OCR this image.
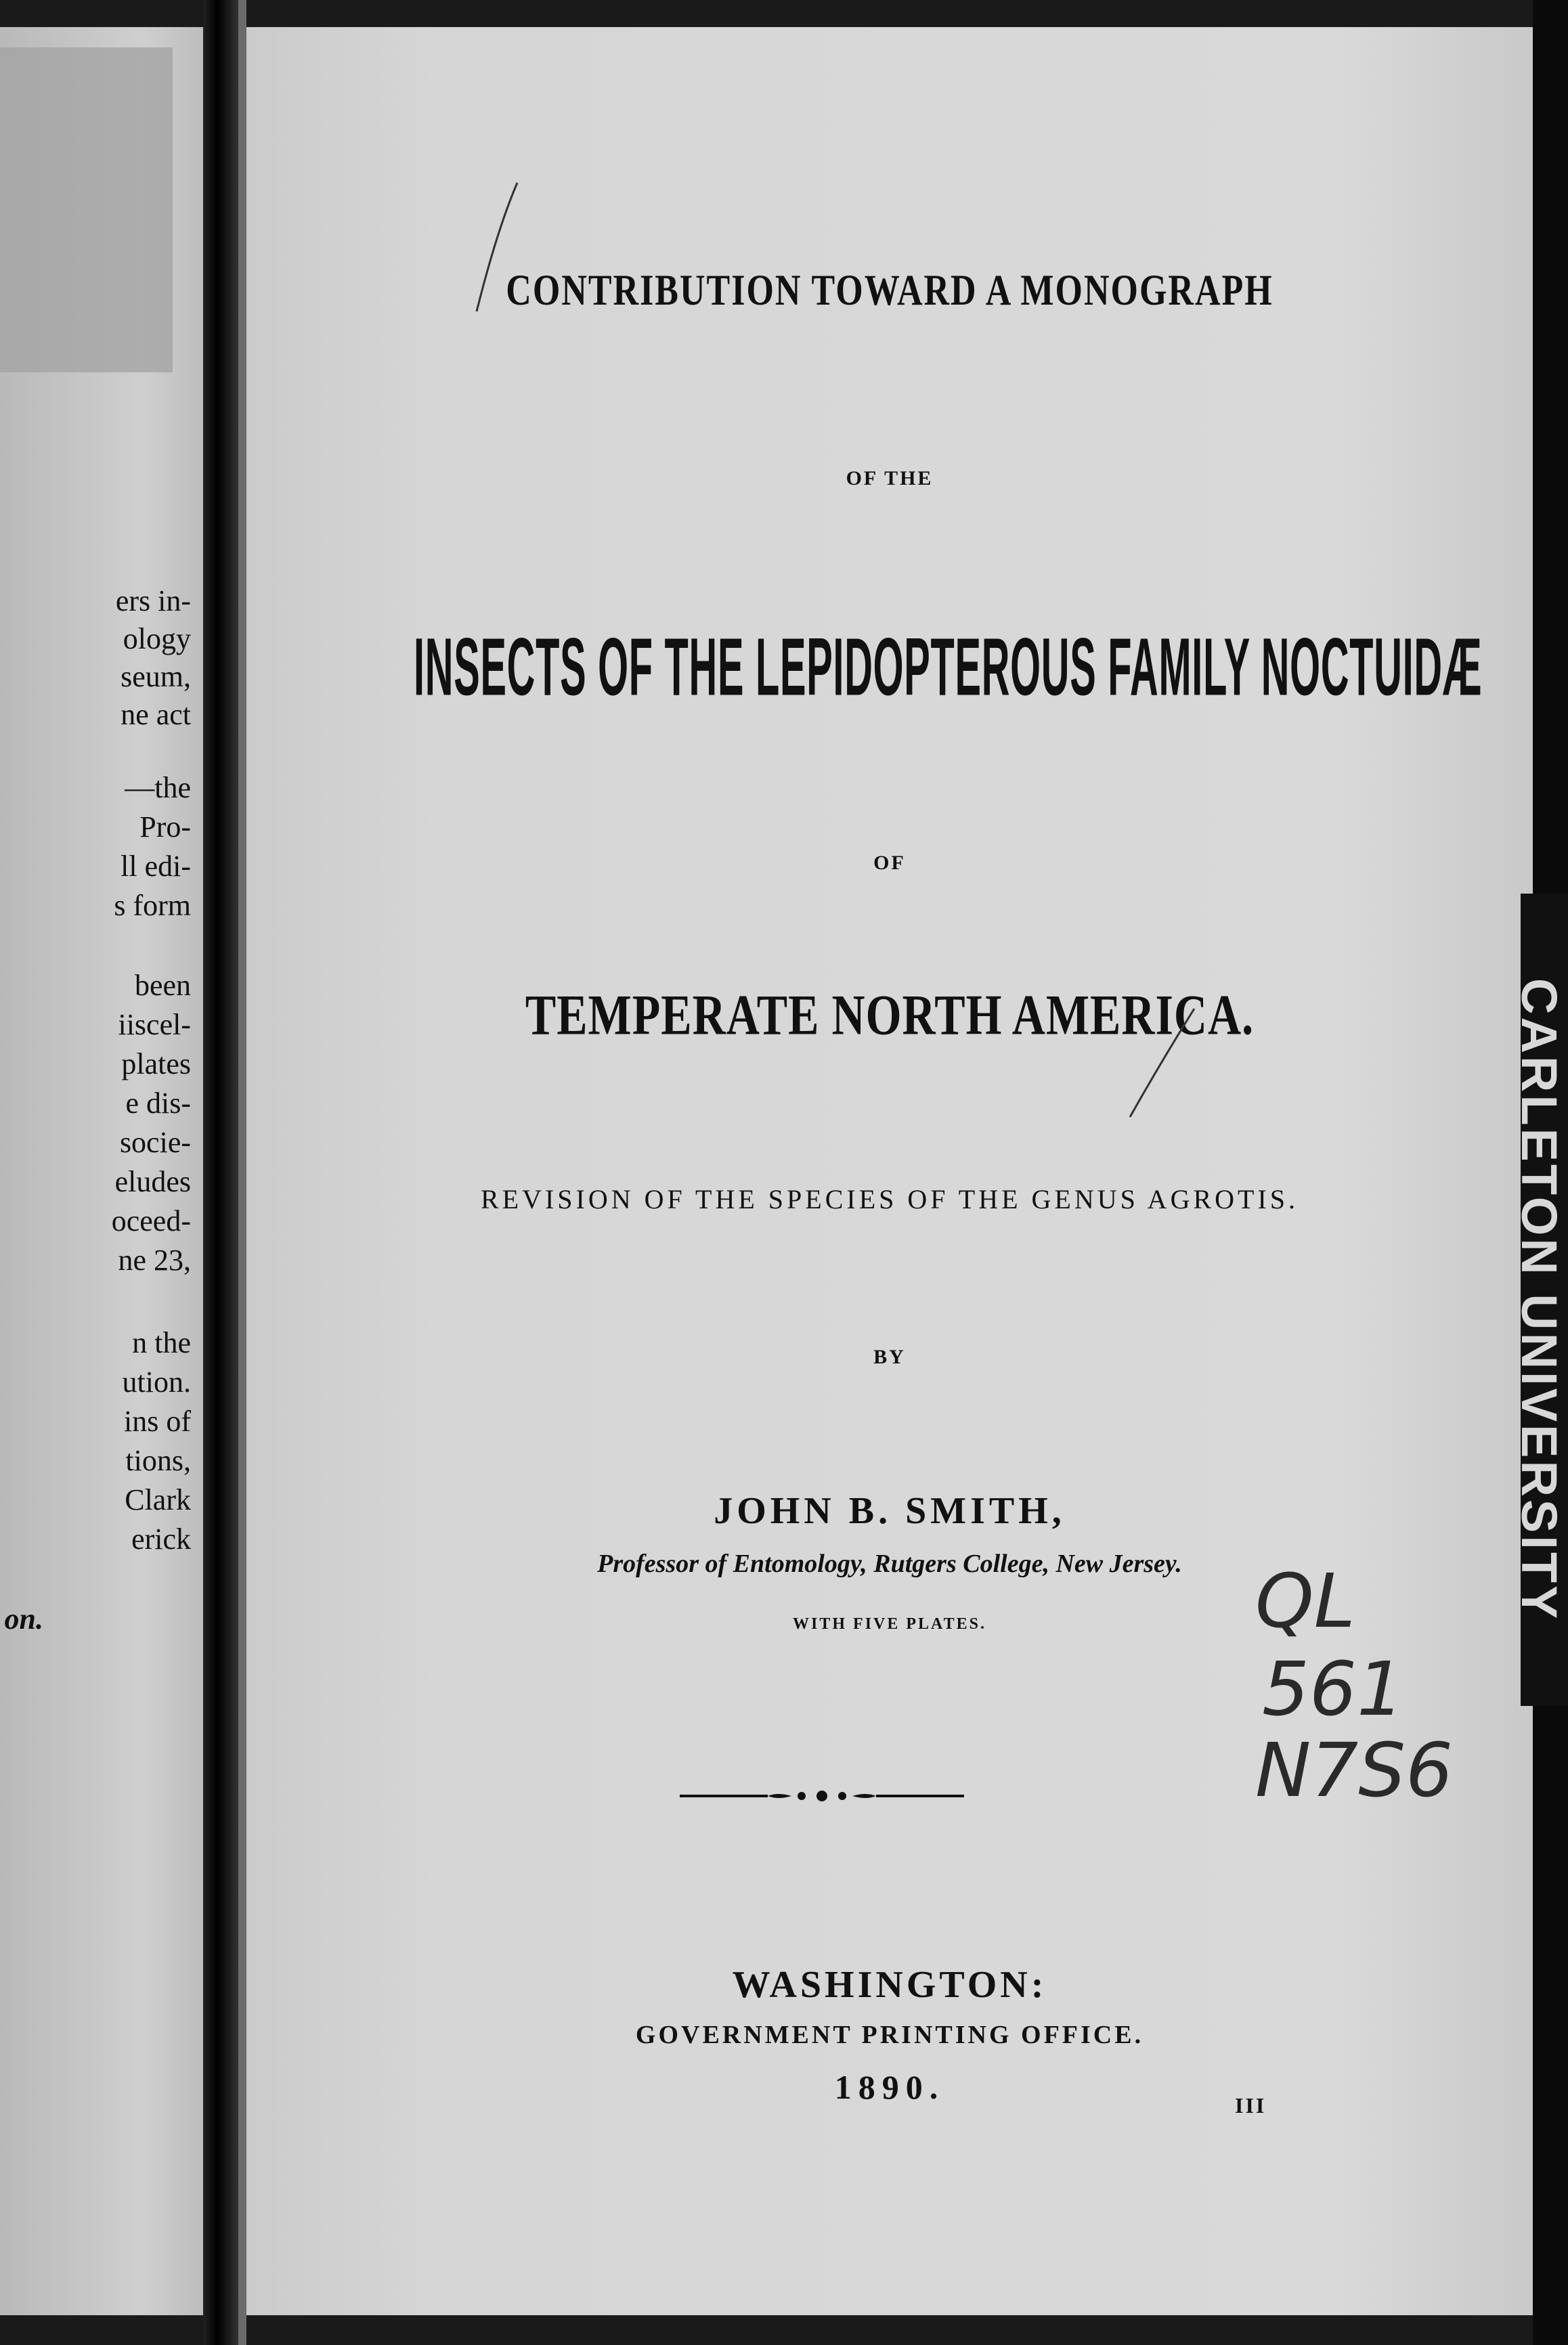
ers in-
ology
seum,
ne act
—the
Pro-
ll edi-
s form
been
iiscel-
plates
e dis-
socie-
eludes
oceed-
ne 23,
n the
ution.
ins of
tions,
Clark
erick
on.
CONTRIBUTION TOWARD A MONOGRAPH
OF THE
INSECTS OF THE LEPIDOPTEROUS FAMILY NOCTUIDÆ
OF
TEMPERATE NORTH AMERICA.
REVISION OF THE SPECIES OF THE GENUS AGROTIS.
BY
JOHN B. SMITH,
Professor of Entomology, Rutgers College, New Jersey.
WITH FIVE PLATES.
WASHINGTON:
GOVERNMENT PRINTING OFFICE.
1890.	III
QL
561
N7S6
CARLETON UNIVERSITY
